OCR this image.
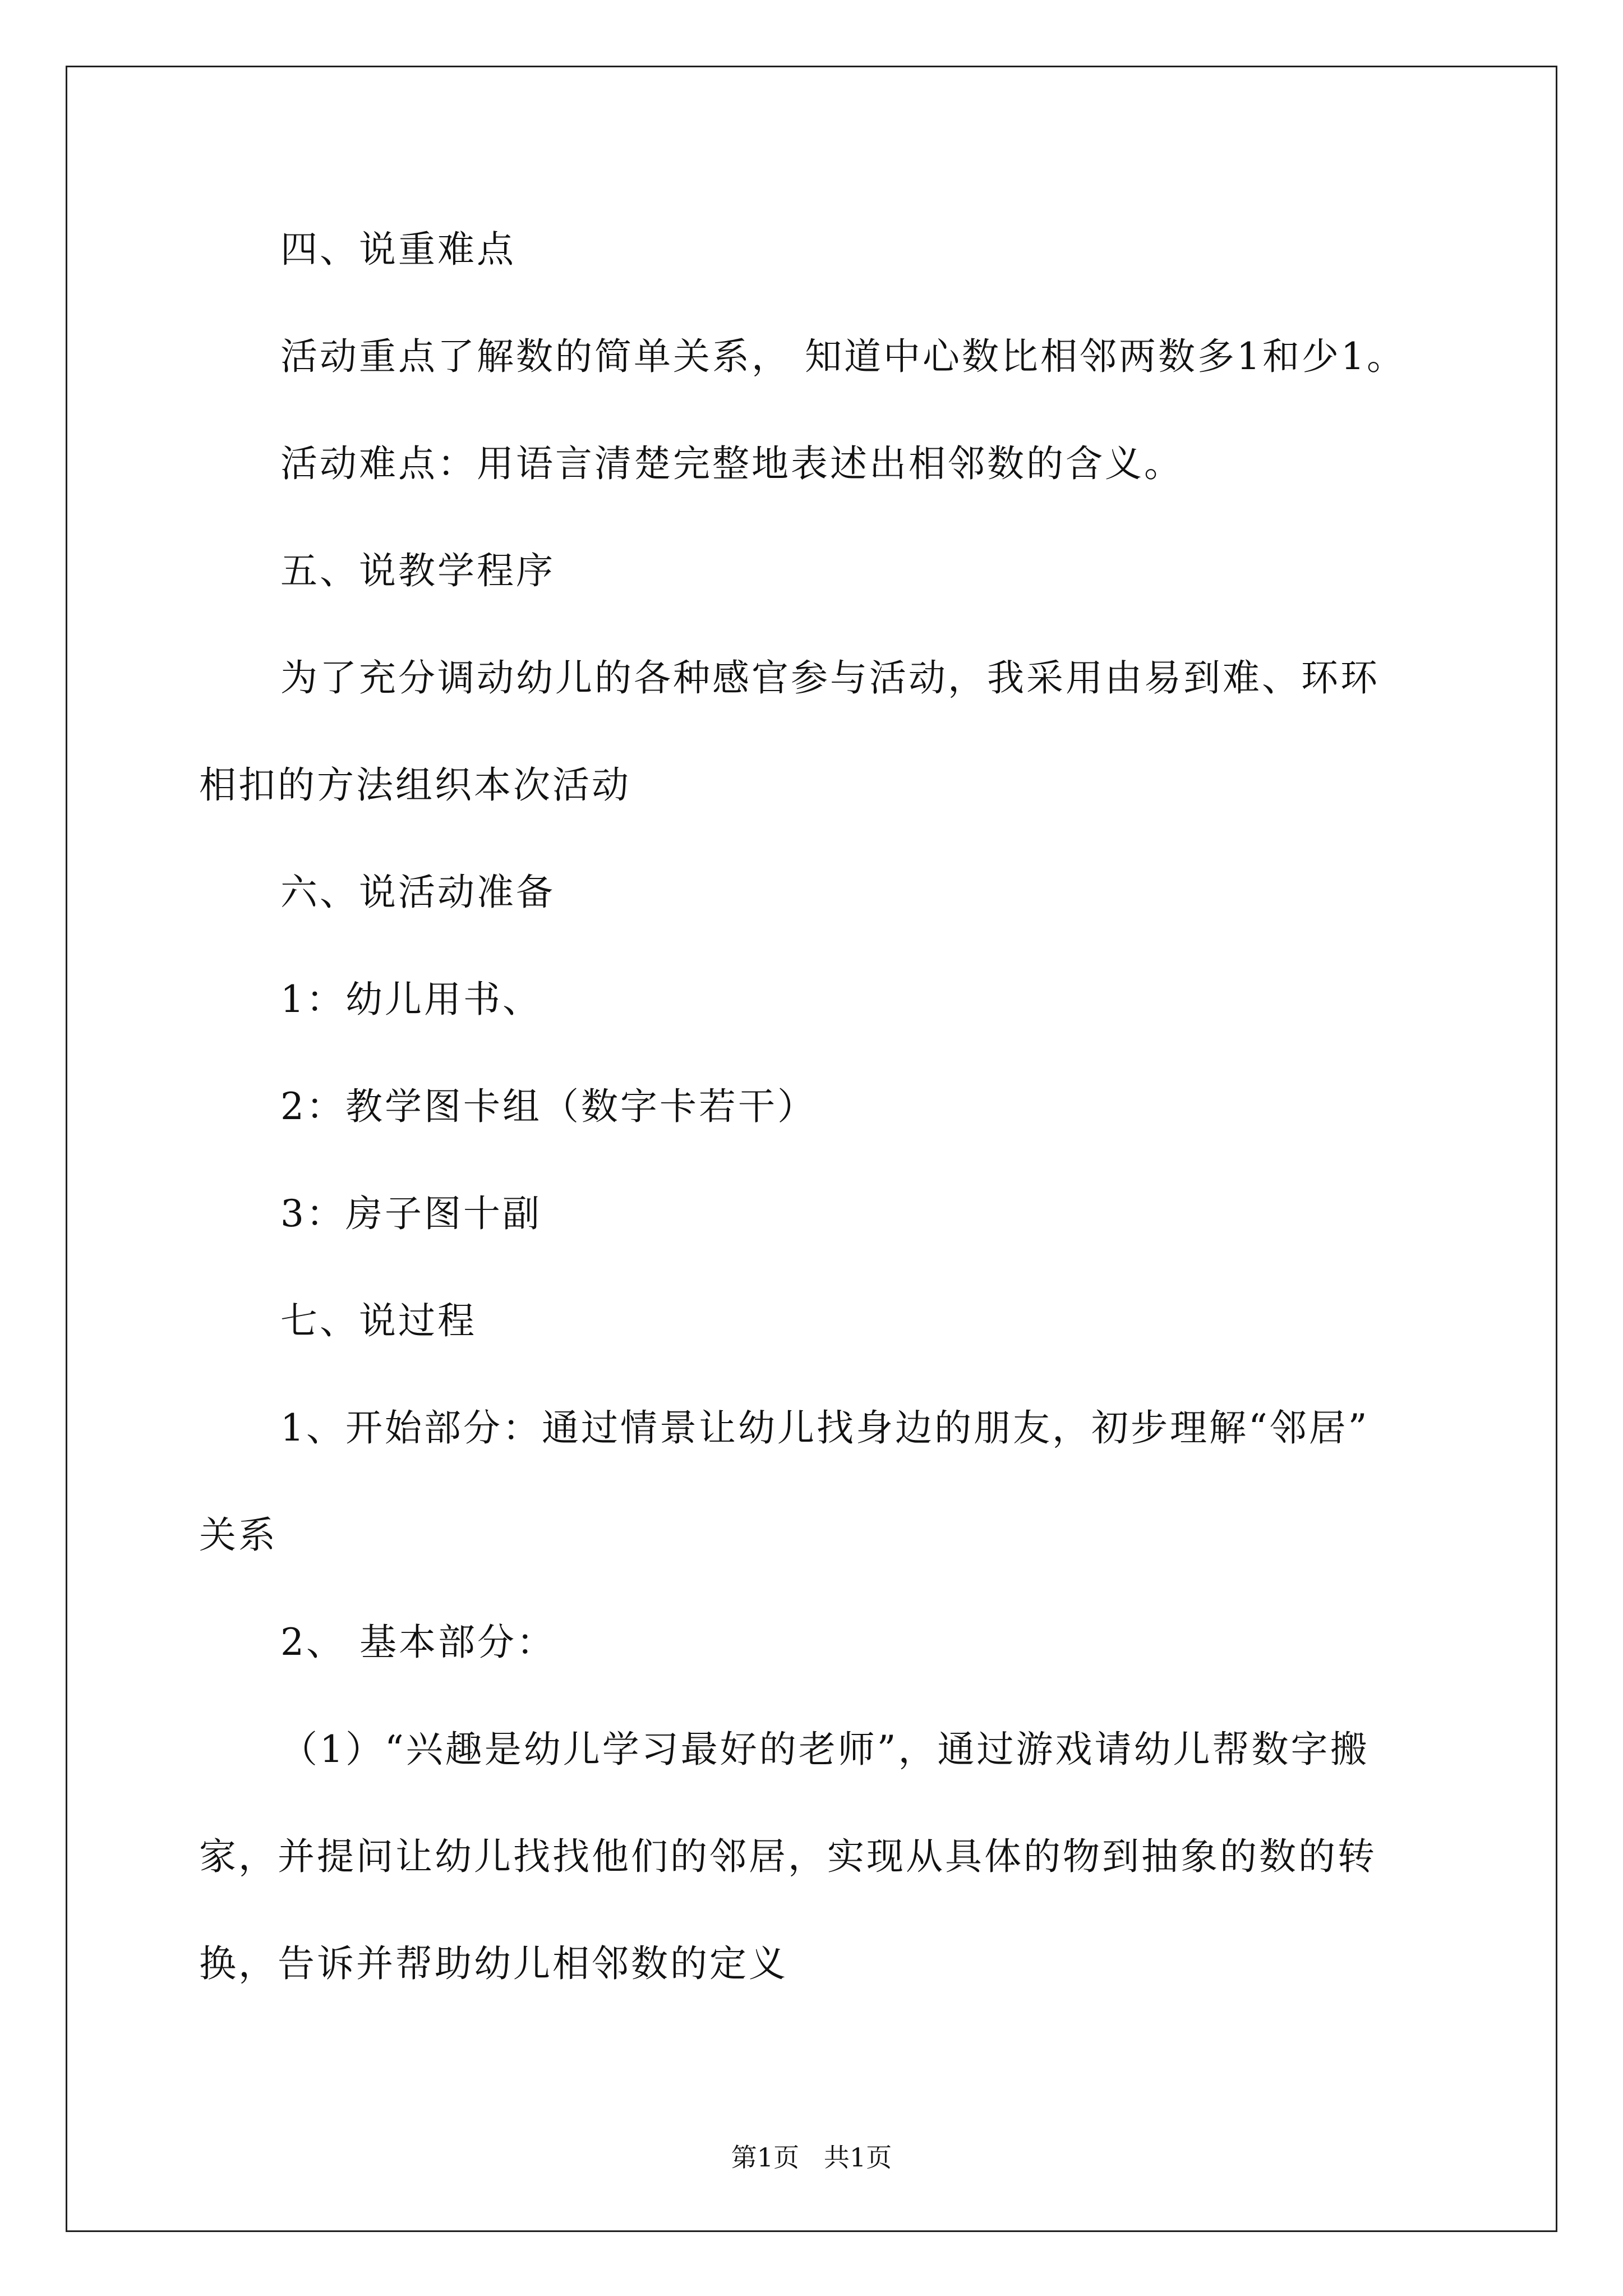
四、说重难点
活动重点了解数的简单关系， 知道中心数比相邻两数多1和少1。
活动难点：用语言清楚完整地表述出相邻数的含义。
五、说教学程序
为了充分调动幼儿的各种感官参与活动，我采用由易到难、环环
相扣的方法组织本次活动
六、说活动准备
1：幼儿用书、
2：教学图卡组（数字卡若干）
3：房子图十副
七、说过程
1、开始部分：通过情景让幼儿找身边的朋友，初步理解“邻居”
关系
2、 基本部分：
（1）“兴趣是幼儿学习最好的老师”，通过游戏请幼儿帮数字搬
家，并提问让幼儿找找他们的邻居，实现从具体的物到抽象的数的转
换，告诉并帮助幼儿相邻数的定义
第1页   共1页
